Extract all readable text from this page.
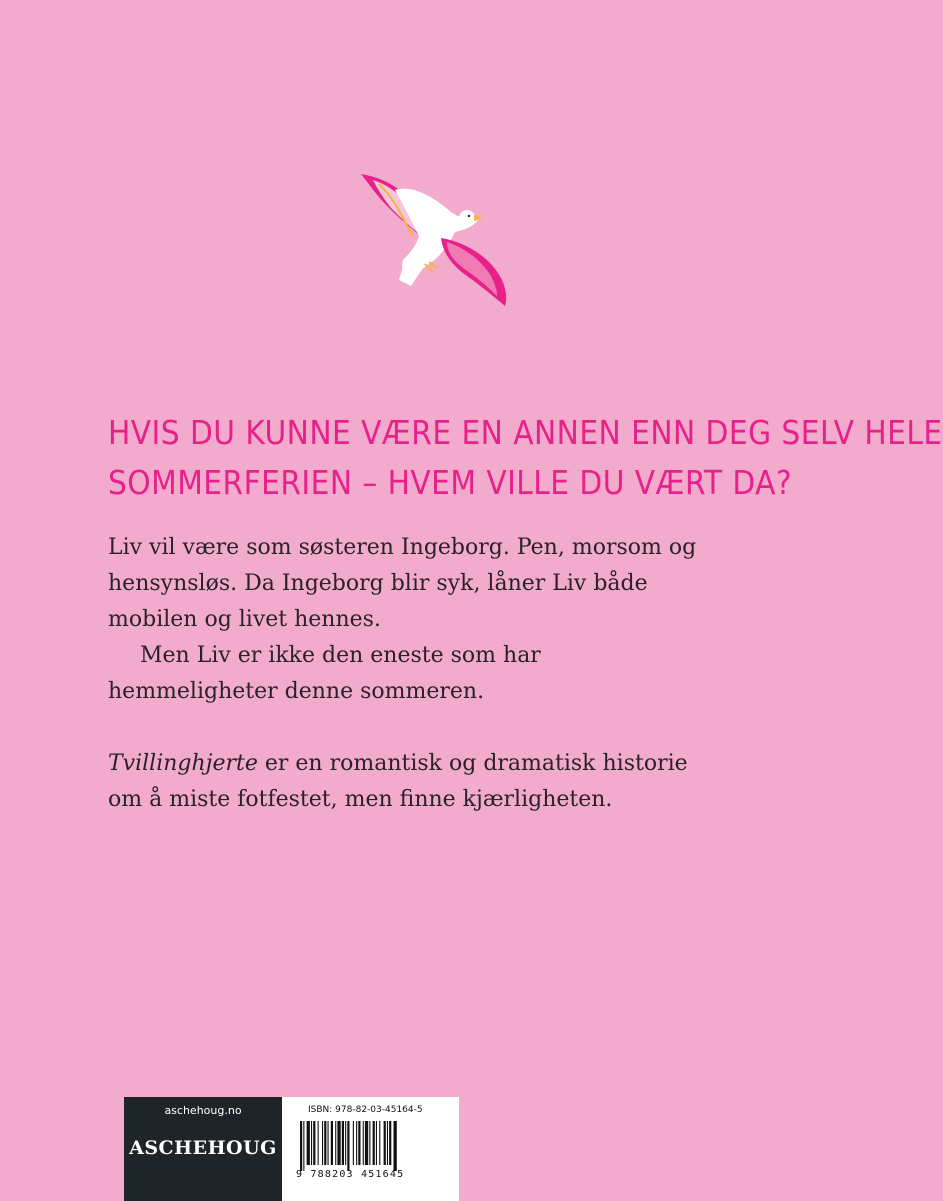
HVIS DU KUNNE VÆRE EN ANNEN ENN DEG SELV HELE
SOMMERFERIEN – HVEM VILLE DU VÆRT DA?

Liv vil være som søsteren Ingeborg. Pen, morsom og hensynsløs. Da Ingeborg blir syk, låner Liv både mobilen og livet hennes.

Men Liv er ikke den eneste som har hemmeligheter denne sommeren.

Tvillinghjerte er en romantisk og dramatisk historie om å miste fotfestet, men finne kjærligheten.

aschehoug.no
ASCHEHOUG
ISBN: 978-82-03-45164-5
9 788203 451645
